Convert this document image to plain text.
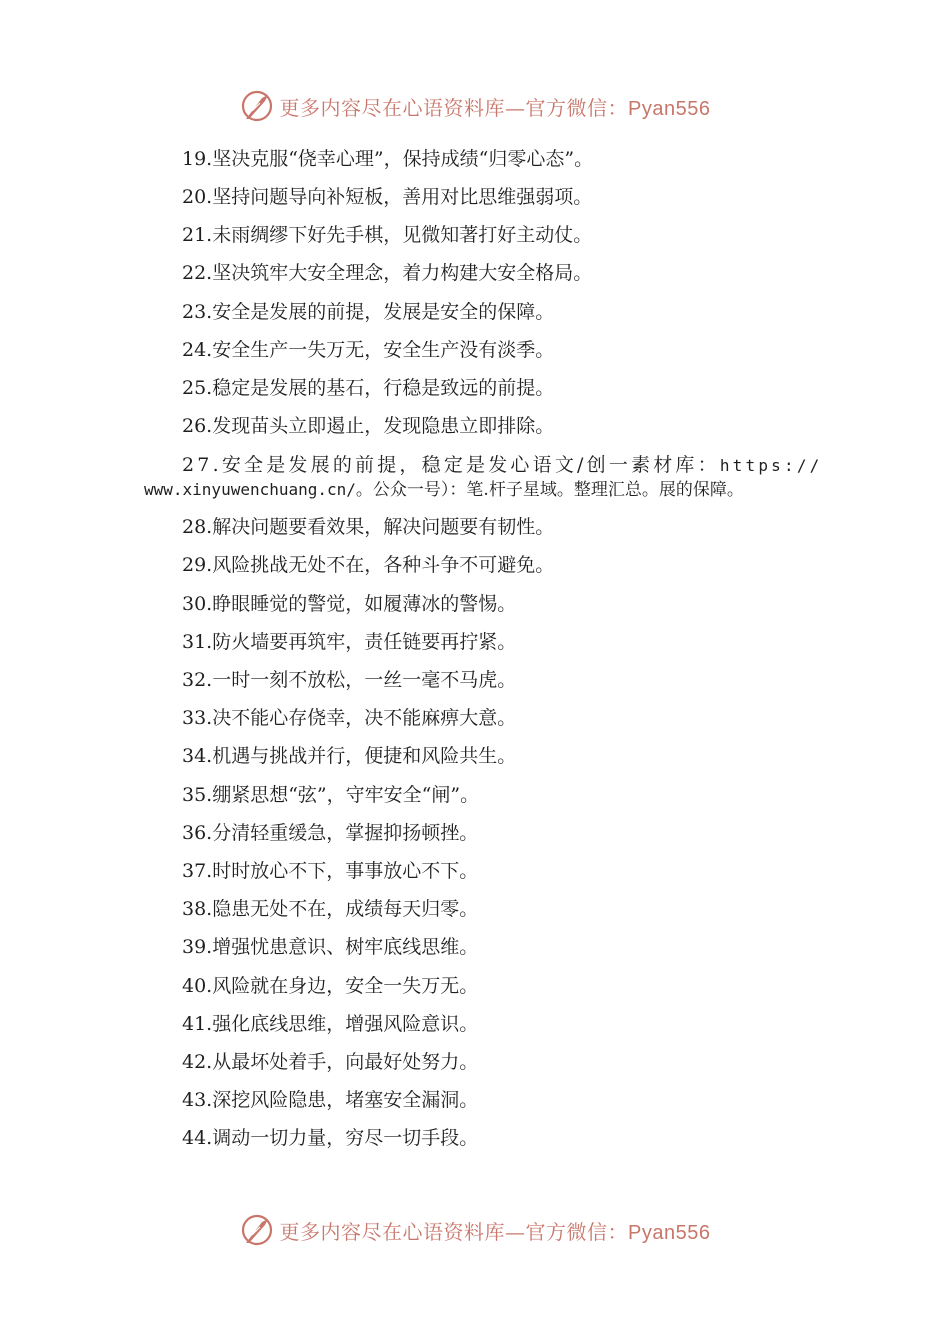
更多内容尽在心语资料库—官方微信：Pyan556
19.坚决克服“侥幸心理”，保持成绩“归零心态”。
20.坚持问题导向补短板，善用对比思维强弱项。
21.未雨绸缪下好先手棋，见微知著打好主动仗。
22.坚决筑牢大安全理念，着力构建大安全格局。
23.安全是发展的前提，发展是安全的保障。
24.安全生产一失万无，安全生产没有淡季。
25.稳定是发展的基石，行稳是致远的前提。
26.发现苗头立即遏止，发现隐患立即排除。
27.安全是发展的前提，稳定是发心语文/创一素材库：https://
www.xinyuwenchuang.cn/。公众一号）：笔.杆子星域。整理汇总。展的保障。
28.解决问题要看效果，解决问题要有韧性。
29.风险挑战无处不在，各种斗争不可避免。
30.睁眼睡觉的警觉，如履薄冰的警惕。
31.防火墙要再筑牢，责任链要再拧紧。
32.一时一刻不放松，一丝一毫不马虎。
33.决不能心存侥幸，决不能麻痹大意。
34.机遇与挑战并行，便捷和风险共生。
35.绷紧思想“弦”，守牢安全“闸”。
36.分清轻重缓急，掌握抑扬顿挫。
37.时时放心不下，事事放心不下。
38.隐患无处不在，成绩每天归零。
39.增强忧患意识、树牢底线思维。
40.风险就在身边，安全一失万无。
41.强化底线思维，增强风险意识。
42.从最坏处着手，向最好处努力。
43.深挖风险隐患，堵塞安全漏洞。
44.调动一切力量，穷尽一切手段。
更多内容尽在心语资料库—官方微信：Pyan556
